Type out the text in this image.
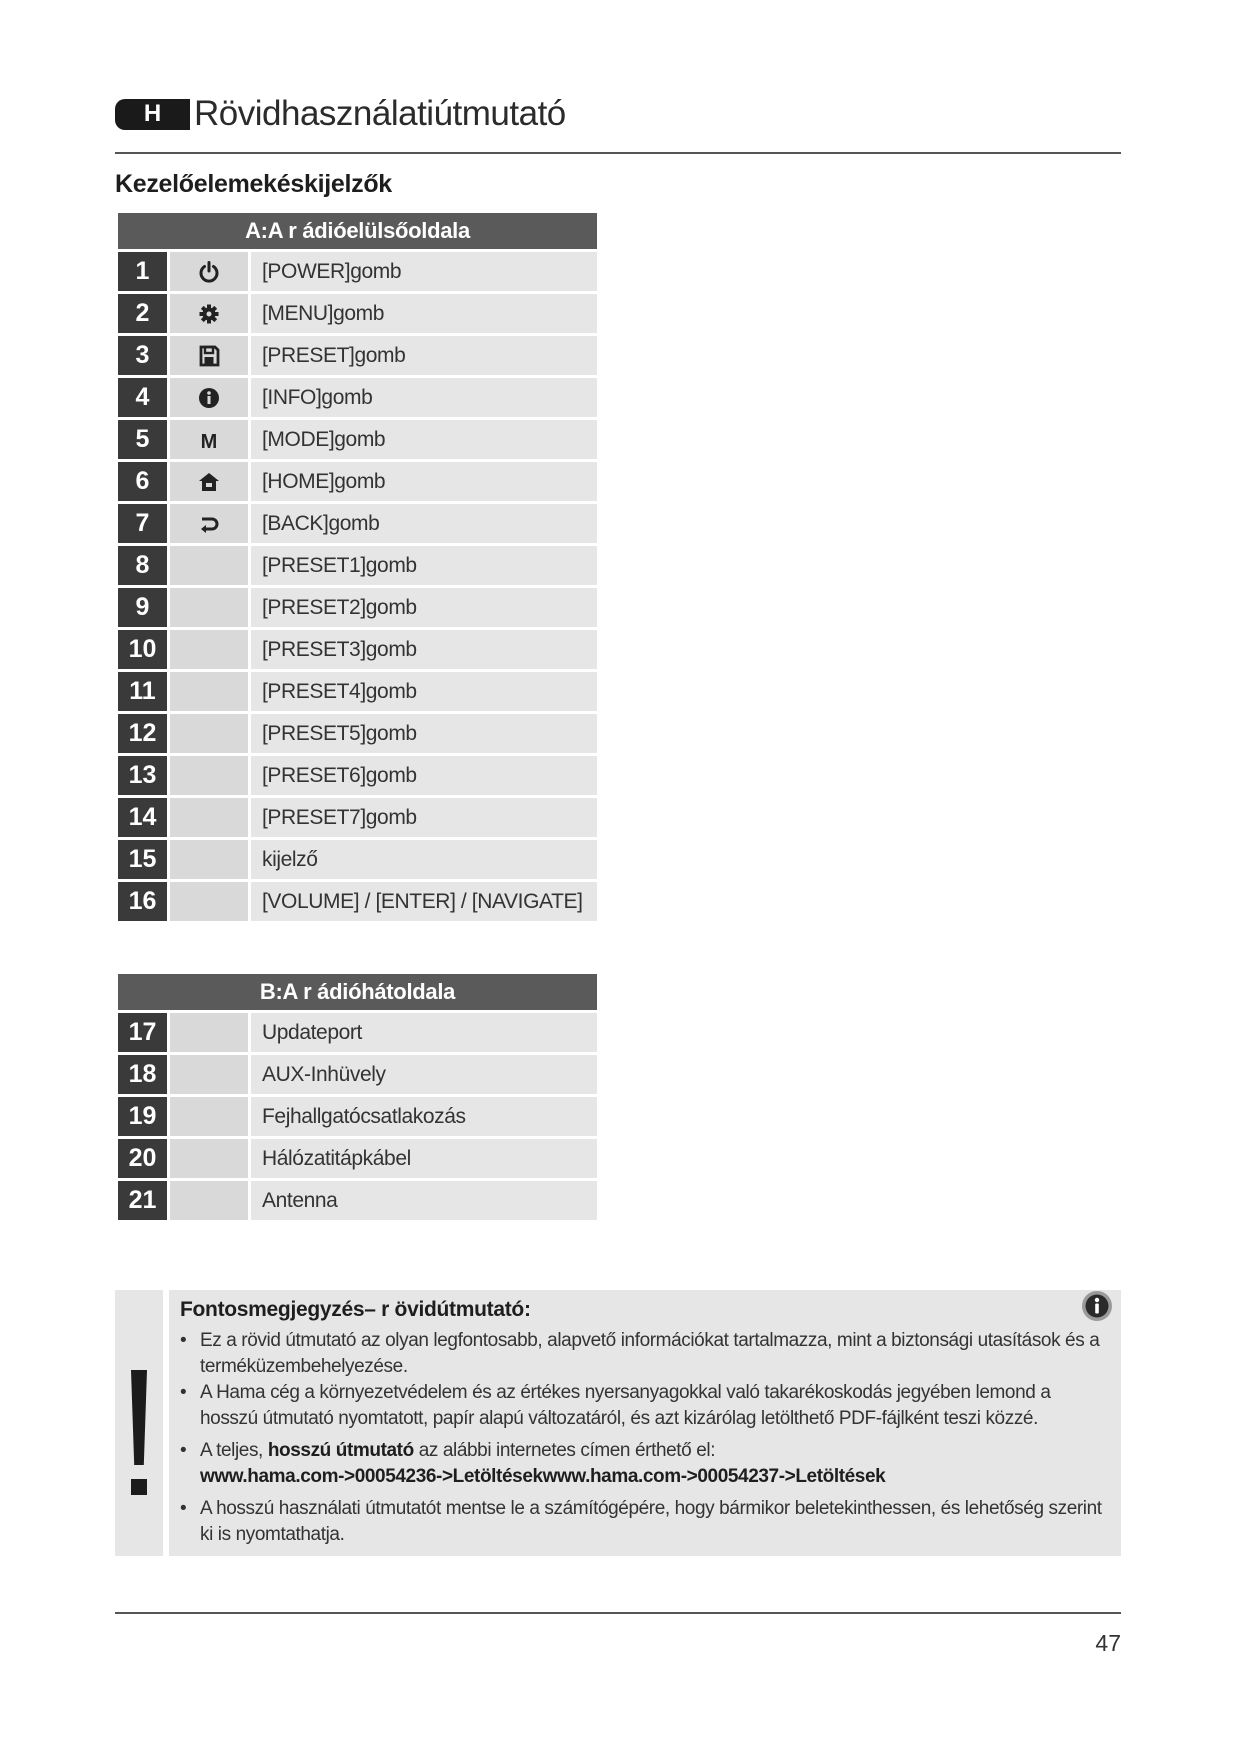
H Rövidhasználatiútmutató
Kezelőelemekéskijelzők
A:A r ádióelülsőoldala
1	[POWER]gomb
2	[MENU]gomb
3	[PRESET]gomb
4	[INFO]gomb
5	M	[MODE]gomb
6	[HOME]gomb
7	[BACK]gomb
8	[PRESET1]gomb
9	[PRESET2]gomb
10	[PRESET3]gomb
11	[PRESET4]gomb
12	[PRESET5]gomb
13	[PRESET6]gomb
14	[PRESET7]gomb
15	kijelző
16	[VOLUME] / [ENTER] / [NAVIGATE]
B:A r ádióhátoldala
17	Updateport
18	AUX-Inhüvely
19	Fejhallgatócsatlakozás
20	Hálózatitápkábel
21	Antenna
Fontosmegjegyzés– r övidútmutató:
• Ez a rövid útmutató az olyan legfontosabb, alapvető információkat tartalmazza, mint a biztonsági utasítások és a terméküzembehelyezése.
• A Hama cég a környezetvédelem és az értékes nyersanyagokkal való takarékoskodás jegyében lemond a hosszú útmutató nyomtatott, papír alapú változatáról, és azt kizárólag letölthető PDF-fájlként teszi közzé.
• A teljes, hosszú útmutató az alábbi internetes címen érthető el:
www.hama.com->00054236->Letöltésekwww.hama.com->00054237->Letöltések
• A hosszú használati útmutatót mentse le a számítógépére, hogy bármikor beletekinthessen, és lehetőség szerint ki is nyomtathatja.
47
